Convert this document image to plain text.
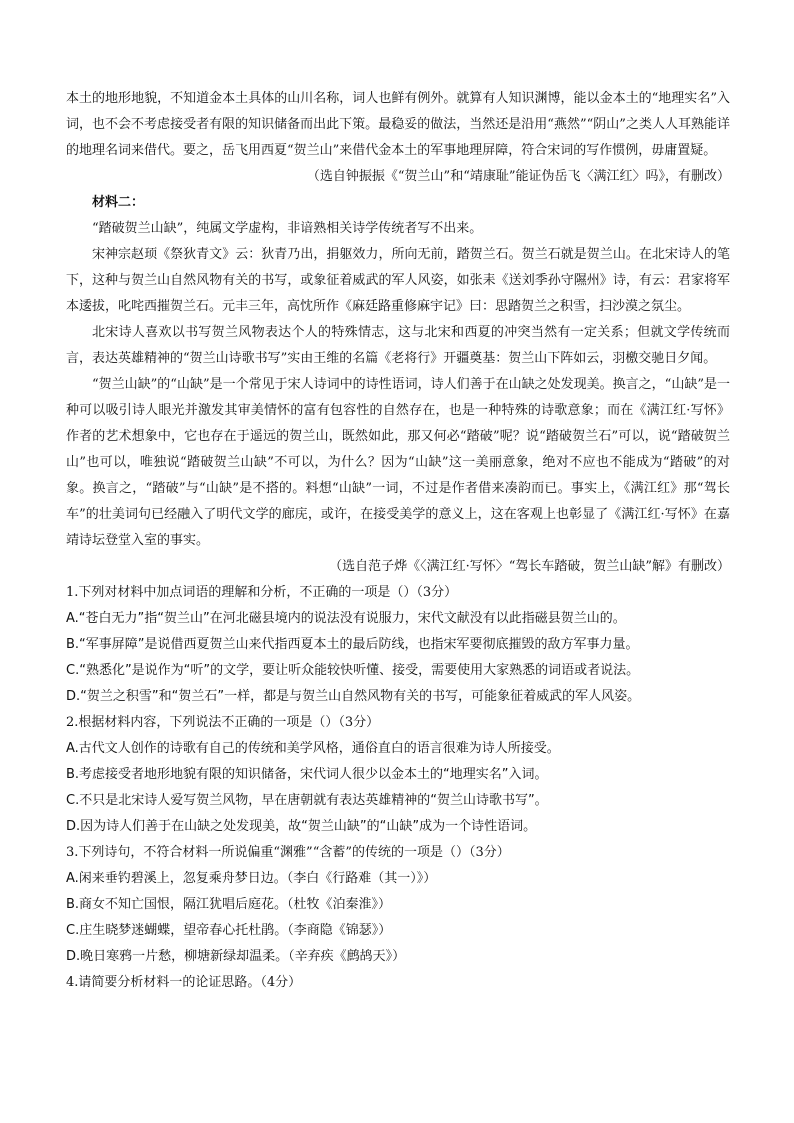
本土的地形地貌，不知道金本土具体的山川名称，词人也鲜有例外。就算有人知识渊博，能以金本土的“地理实名”入词，也不会不考虑接受者有限的知识储备而出此下策。最稳妥的做法，当然还是沿用“燕然”“阴山”之类人人耳熟能详的地理名词来借代。要之，岳飞用西夏“贺兰山”来借代金本土的军事地理屏障，符合宋词的写作惯例，毋庸置疑。

（选自钟振振《“贺兰山”和“靖康耻”能证伪岳飞〈满江红〉吗》，有删改）

材料二：

“踏破贺兰山缺”，纯属文学虚构，非谙熟相关诗学传统者写不出来。

宋神宗赵顼《祭狄青文》云：狄青乃出，捐躯效力，所向无前，踏贺兰石。贺兰石就是贺兰山。在北宋诗人的笔下，这种与贺兰山自然风物有关的书写，或象征着威武的军人风姿，如张耒《送刘季孙守隰州》诗，有云：君家将军本逶拔，叱咤西摧贺兰石。元丰三年，高忱所作《麻廷路重修麻宇记》曰：思踏贺兰之积雪，扫沙漠之氛尘。

北宋诗人喜欢以书写贺兰风物表达个人的特殊情志，这与北宋和西夏的冲突当然有一定关系；但就文学传统而言，表达英雄精神的“贺兰山诗歌书写”实由王维的名篇《老将行》开疆奠基：贺兰山下阵如云，羽檄交驰日夕闻。

“贺兰山缺”的“山缺”是一个常见于宋人诗词中的诗性语词，诗人们善于在山缺之处发现美。换言之，“山缺”是一种可以吸引诗人眼光并激发其审美情怀的富有包容性的自然存在，也是一种特殊的诗歌意象；而在《满江红·写怀》作者的艺术想象中，它也存在于遥远的贺兰山，既然如此，那又何必“踏破”呢？说“踏破贺兰石”可以，说“踏破贺兰山”也可以，唯独说“踏破贺兰山缺”不可以，为什么？因为“山缺”这一美丽意象，绝对不应也不能成为“踏破”的对象。换言之，“踏破”与“山缺”是不搭的。料想“山缺”一词，不过是作者借来凑韵而已。事实上，《满江红》那“驾长车”的壮美词句已经融入了明代文学的廊庑，或许，在接受美学的意义上，这在客观上也彰显了《满江红·写怀》在嘉靖诗坛登堂入室的事实。

（选自范子烨《〈满江红·写怀〉“驾长车踏破，贺兰山缺”解》有删改）

1.下列对材料中加点词语的理解和分析，不正确的一项是（）（3分）

A.“苍白无力”指“贺兰山”在河北磁县境内的说法没有说服力，宋代文献没有以此指磁县贺兰山的。

B.“军事屏障”是说借西夏贺兰山来代指西夏本土的最后防线，也指宋军要彻底摧毁的敌方军事力量。

C.“熟悉化”是说作为“听”的文学，要让听众能较快听懂、接受，需要使用大家熟悉的词语或者说法。

D.“贺兰之积雪”和“贺兰石”一样，都是与贺兰山自然风物有关的书写，可能象征着威武的军人风姿。

2.根据材料内容，下列说法不正确的一项是（）（3分）

A.古代文人创作的诗歌有自己的传统和美学风格，通俗直白的语言很难为诗人所接受。

B.考虑接受者地形地貌有限的知识储备，宋代词人很少以金本土的“地理实名”入词。

C.不只是北宋诗人爱写贺兰风物，早在唐朝就有表达英雄精神的“贺兰山诗歌书写”。

D.因为诗人们善于在山缺之处发现美，故“贺兰山缺”的“山缺”成为一个诗性语词。

3.下列诗句，不符合材料一所说偏重“渊雅”“含蓄”的传统的一项是（）（3分）

A.闲来垂钓碧溪上，忽复乘舟梦日边。（李白《行路难（其一）》）

B.商女不知亡国恨，隔江犹唱后庭花。（杜牧《泊秦淮》）

C.庄生晓梦迷蝴蝶，望帝春心托杜鹃。（李商隐《锦瑟》）

D.晚日寒鸦一片愁，柳塘新绿却温柔。（辛弃疾《鹧鸪天》）

4.请简要分析材料一的论证思路。（4分）
